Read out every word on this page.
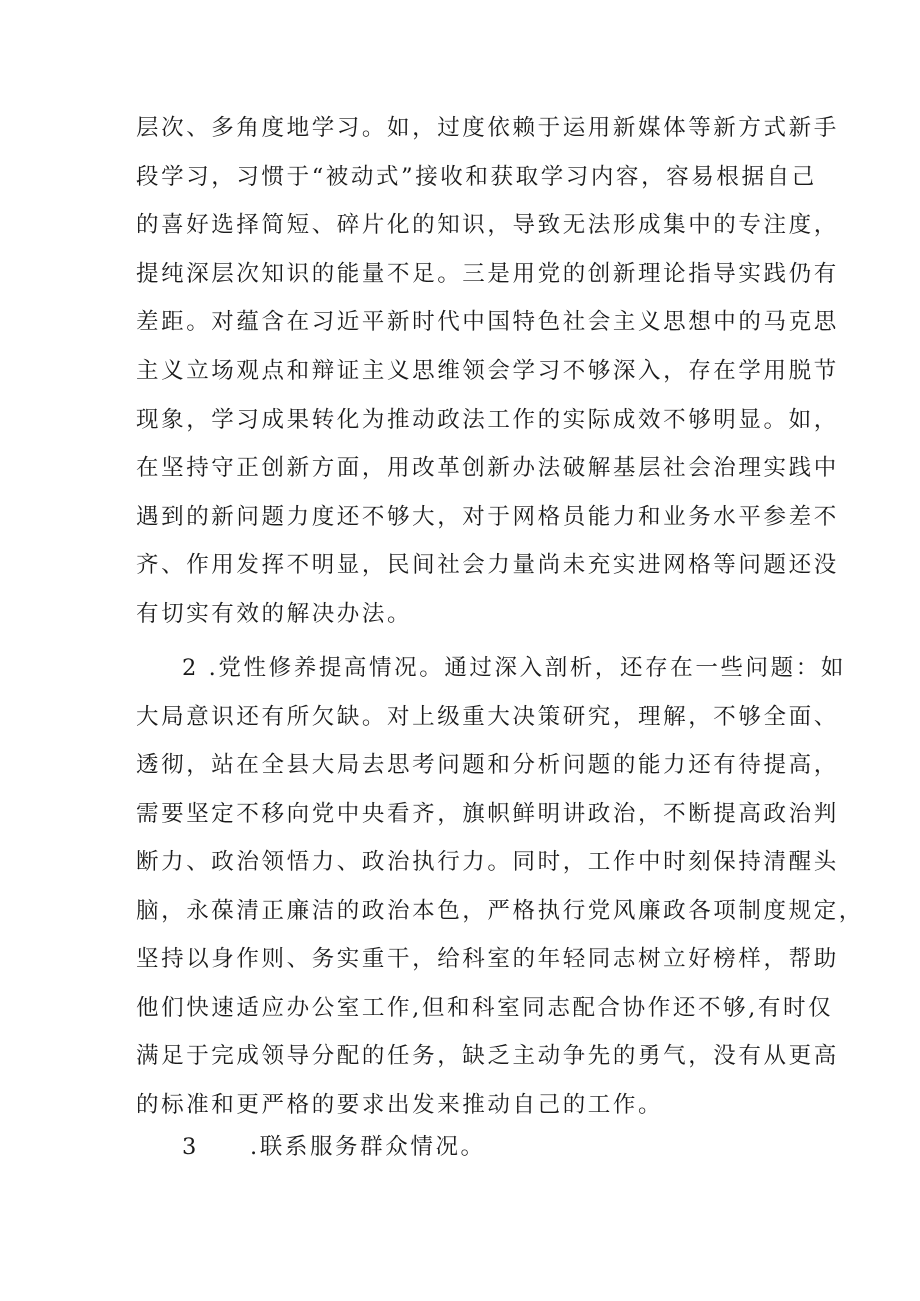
层次、多角度地学习。如，过度依赖于运用新媒体等新方式新手
段学习，习惯于“被动式”接收和获取学习内容，容易根据自己
的喜好选择简短、碎片化的知识，导致无法形成集中的专注度，
提纯深层次知识的能量不足。三是用党的创新理论指导实践仍有
差距。对蕴含在习近平新时代中国特色社会主义思想中的马克思
主义立场观点和辩证主义思维领会学习不够深入，存在学用脱节
现象，学习成果转化为推动政法工作的实际成效不够明显。如，
在坚持守正创新方面，用改革创新办法破解基层社会治理实践中
遇到的新问题力度还不够大，对于网格员能力和业务水平参差不
齐、作用发挥不明显，民间社会力量尚未充实进网格等问题还没
有切实有效的解决办法。
2 .党性修养提高情况。通过深入剖析，还存在一些问题：如
大局意识还有所欠缺。对上级重大决策研究，理解，不够全面、
透彻，站在全县大局去思考问题和分析问题的能力还有待提高，
需要坚定不移向党中央看齐，旗帜鲜明讲政治，不断提高政治判
断力、政治领悟力、政治执行力。同时，工作中时刻保持清醒头
脑，永葆清正廉洁的政治本色，严格执行党风廉政各项制度规定，
坚持以身作则、务实重干，给科室的年轻同志树立好榜样，帮助
他们快速适应办公室工作,但和科室同志配合协作还不够,有时仅
满足于完成领导分配的任务，缺乏主动争先的勇气，没有从更高
的标准和更严格的要求出发来推动自己的工作。
3 .联系服务群众情况。
